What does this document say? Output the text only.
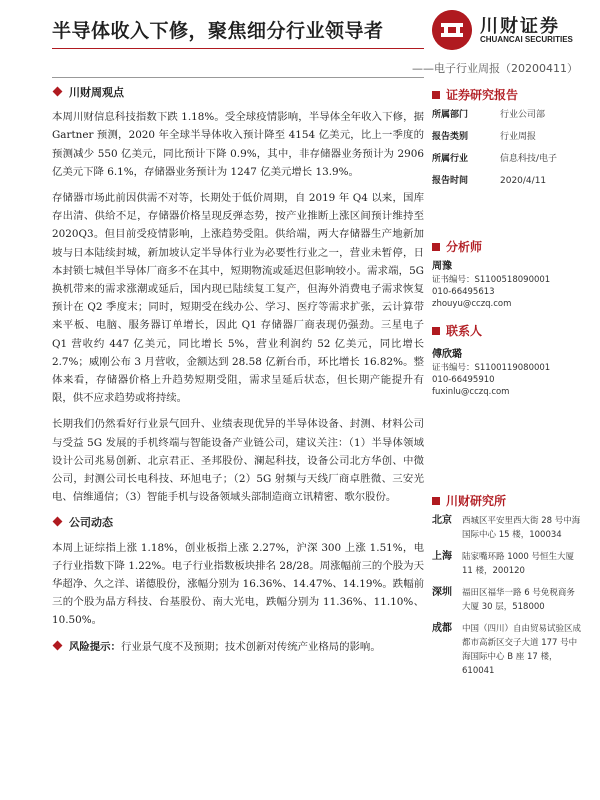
半导体收入下修，聚焦细分行业领导者	川财证券
CHUANCAI SECURITIES
——电子行业周报（20200411）
川财周观点

本周川财信息科技指数下跌 1.18%。受全球疫情影响，半导体全年收入下修，据 Gartner 预测，2020 年全球半导体收入预计降至 4154 亿美元，比上一季度的预测减少 550 亿美元，同比预计下降 0.9%，其中，非存储器业务预计为 2906 亿美元下降 6.1%，存储器业务预计为 1247 亿美元增长 13.9%。

存储器市场此前因供需不对等，长期处于低价周期，自 2019 年 Q4 以来，国库存出清、供给不足，存储器价格呈现反弹态势，按产业推断上涨区间预计维持至 2020Q3。但目前受疫情影响，上涨趋势受阻。供给端，两大存储器生产地新加坡与日本陆续封城，新加坡认定半导体行业为必要性行业之一，营业未暂停，日本封锁七城但半导体厂商多不在其中，短期物流或延迟但影响较小。需求端，5G 换机带来的需求涨潮或延后，国内现已陆续复工复产，但海外消费电子需求恢复预计在 Q2 季度末；同时，短期受在线办公、学习、医疗等需求扩张，云计算带来平板、电脑、服务器订单增长，因此 Q1 存储器厂商表现仍强劲。三星电子 Q1 营收约 447 亿美元，同比增长 5%，营业利润约 52 亿美元，同比增长 2.7%；威刚公布 3 月营收，金额达到 28.58 亿新台币，环比增长 16.82%。整体来看，存储器价格上升趋势短期受阻，需求呈延后状态，但长期产能提升有限，供不应求趋势或将持续。

长期我们仍然看好行业景气回升、业绩表现优异的半导体设备、封测、材料公司与受益 5G 发展的手机终端与智能设备产业链公司，建议关注：（1）半导体领域设计公司兆易创新、北京君正、圣邦股份、澜起科技，设备公司北方华创、中微公司，封测公司长电科技、环旭电子；（2）5G 射频与天线厂商卓胜微、三安光电、信维通信；（3）智能手机与设备领域头部制造商立讯精密、歌尔股份。

公司动态

本周上证综指上涨 1.18%，创业板指上涨 2.27%，沪深 300 上涨 1.51%，电子行业指数下降 1.22%。电子行业指数板块排名 28/28。周涨幅前三的个股为天华超净、久之洋、诺德股份，涨幅分别为 16.36%、14.47%、14.19%。跌幅前三的个股为晶方科技、台基股份、南大光电，跌幅分别为 11.36%、11.10%、10.50%。

风险提示：行业景气度不及预期；技术创新对传统产业格局的影响。
证券研究报告
所属部门	行业公司部
报告类别	行业周报
所属行业	信息科技/电子
报告时间	2020/4/11
分析师
周豫
证书编号：S1100518090001
010-66495613
zhouyu@cczq.com
联系人
傅欣璐
证书编号：S1100119080001
010-66495910
fuxinlu@cczq.com
川财研究所
北京	西城区平安里西大街 28 号中海国际中心 15 楼，100034
上海	陆家嘴环路 1000 号恒生大厦 11 楼，200120
深圳	福田区福华一路 6 号免税商务大厦 30 层，518000
成都	中国（四川）自由贸易试验区成都市高新区交子大道 177 号中海国际中心 B 座 17 楼，610041
